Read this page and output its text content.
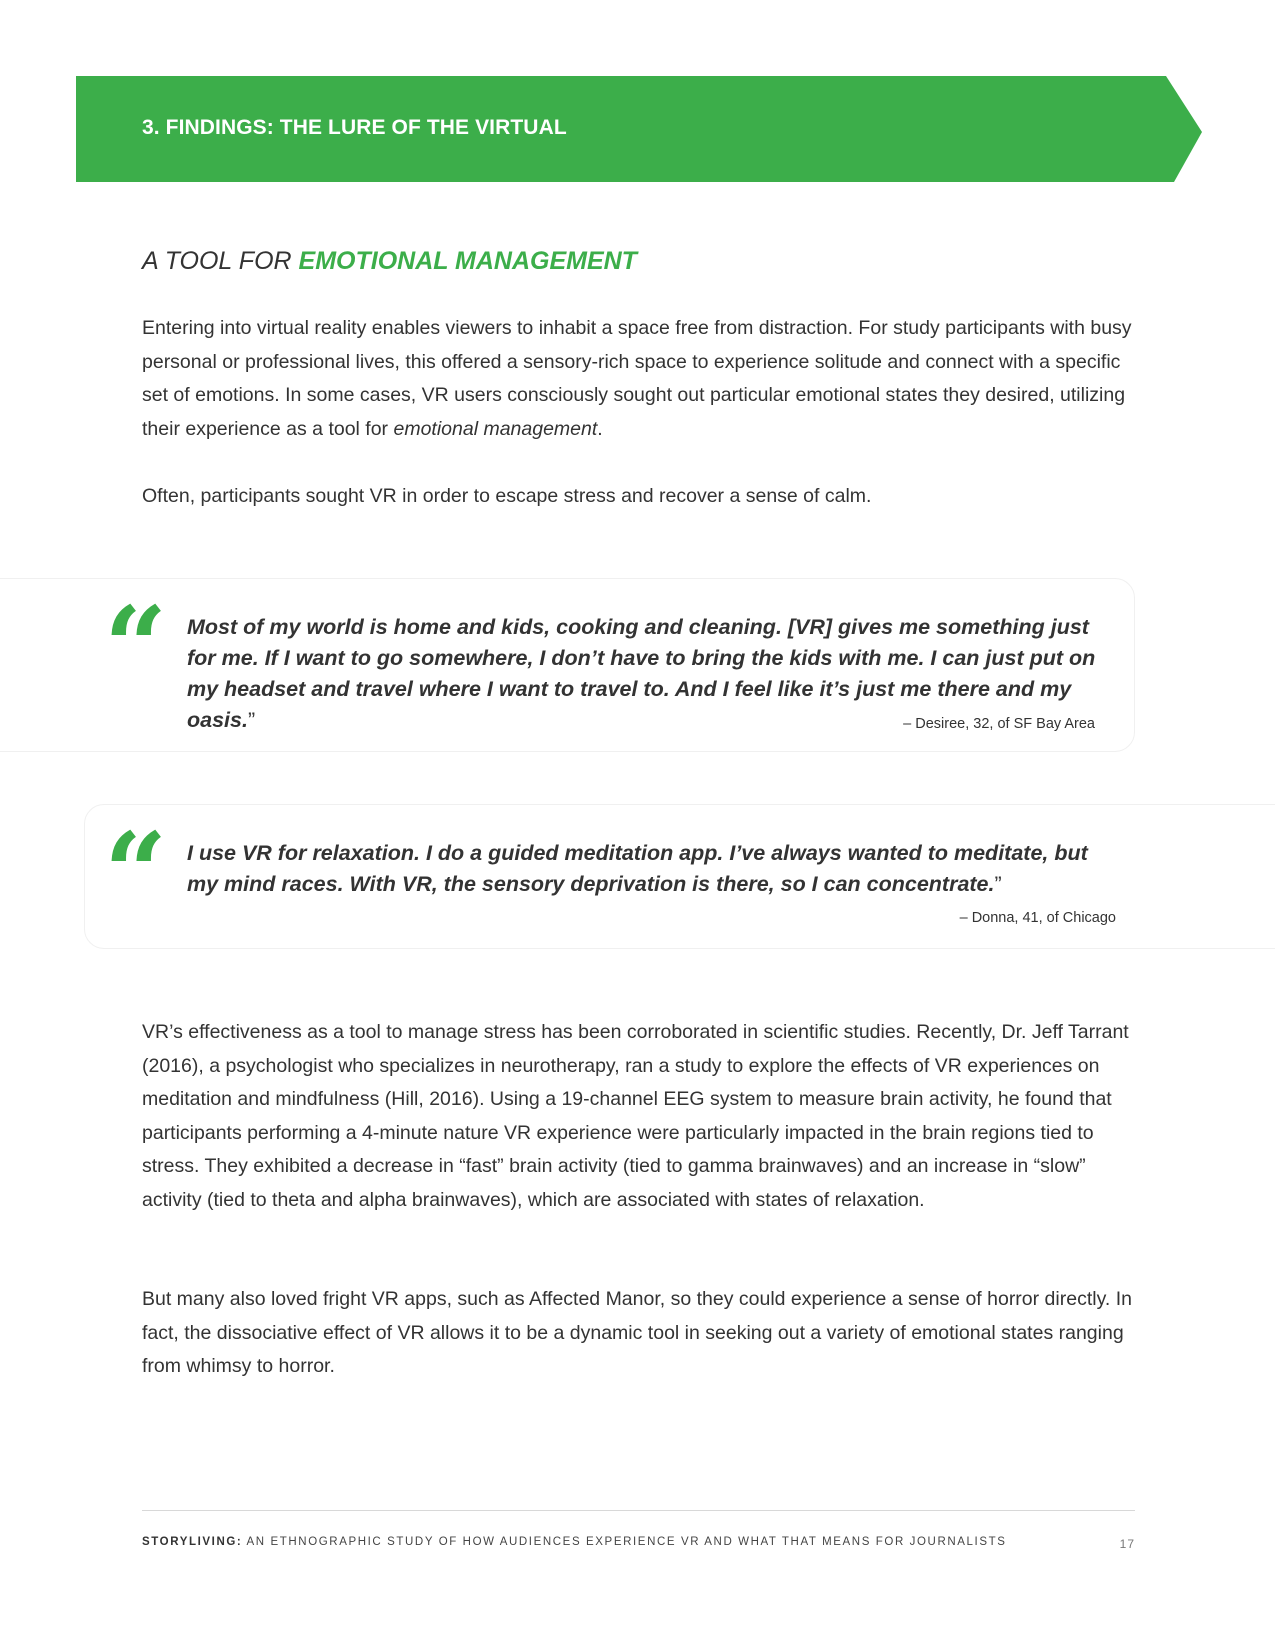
3. FINDINGS: THE LURE OF THE VIRTUAL
A TOOL FOR EMOTIONAL MANAGEMENT

Entering into virtual reality enables viewers to inhabit a space free from distraction. For study participants with busy personal or professional lives, this offered a sensory-rich space to experience solitude and connect with a specific set of emotions. In some cases, VR users consciously sought out particular emotional states they desired, utilizing their experience as a tool for emotional management.

Often, participants sought VR in order to escape stress and recover a sense of calm.

“ Most of my world is home and kids, cooking and cleaning. [VR] gives me something just for me. If I want to go somewhere, I don’t have to bring the kids with me. I can just put on my headset and travel where I want to travel to. And I feel like it’s just me there and my oasis.”	– Desiree, 32, of SF Bay Area
“ I use VR for relaxation. I do a guided meditation app. I’ve always wanted to meditate, but my mind races. With VR, the sensory deprivation is there, so I can concentrate.”
– Donna, 41, of Chicago

VR’s effectiveness as a tool to manage stress has been corroborated in scientific studies. Recently, Dr. Jeff Tarrant (2016), a psychologist who specializes in neurotherapy, ran a study to explore the effects of VR experiences on meditation and mindfulness (Hill, 2016). Using a 19-channel EEG system to measure brain activity, he found that participants performing a 4-minute nature VR experience were particularly impacted in the brain regions tied to stress. They exhibited a decrease in “fast” brain activity (tied to gamma brainwaves) and an increase in “slow” activity (tied to theta and alpha brainwaves), which are associated with states of relaxation.

But many also loved fright VR apps, such as Affected Manor, so they could experience a sense of horror directly. In fact, the dissociative effect of VR allows it to be a dynamic tool in seeking out a variety of emotional states ranging from whimsy to horror.

STORYLIVING: AN ETHNOGRAPHIC STUDY OF HOW AUDIENCES EXPERIENCE VR AND WHAT THAT MEANS FOR JOURNALISTS	17
